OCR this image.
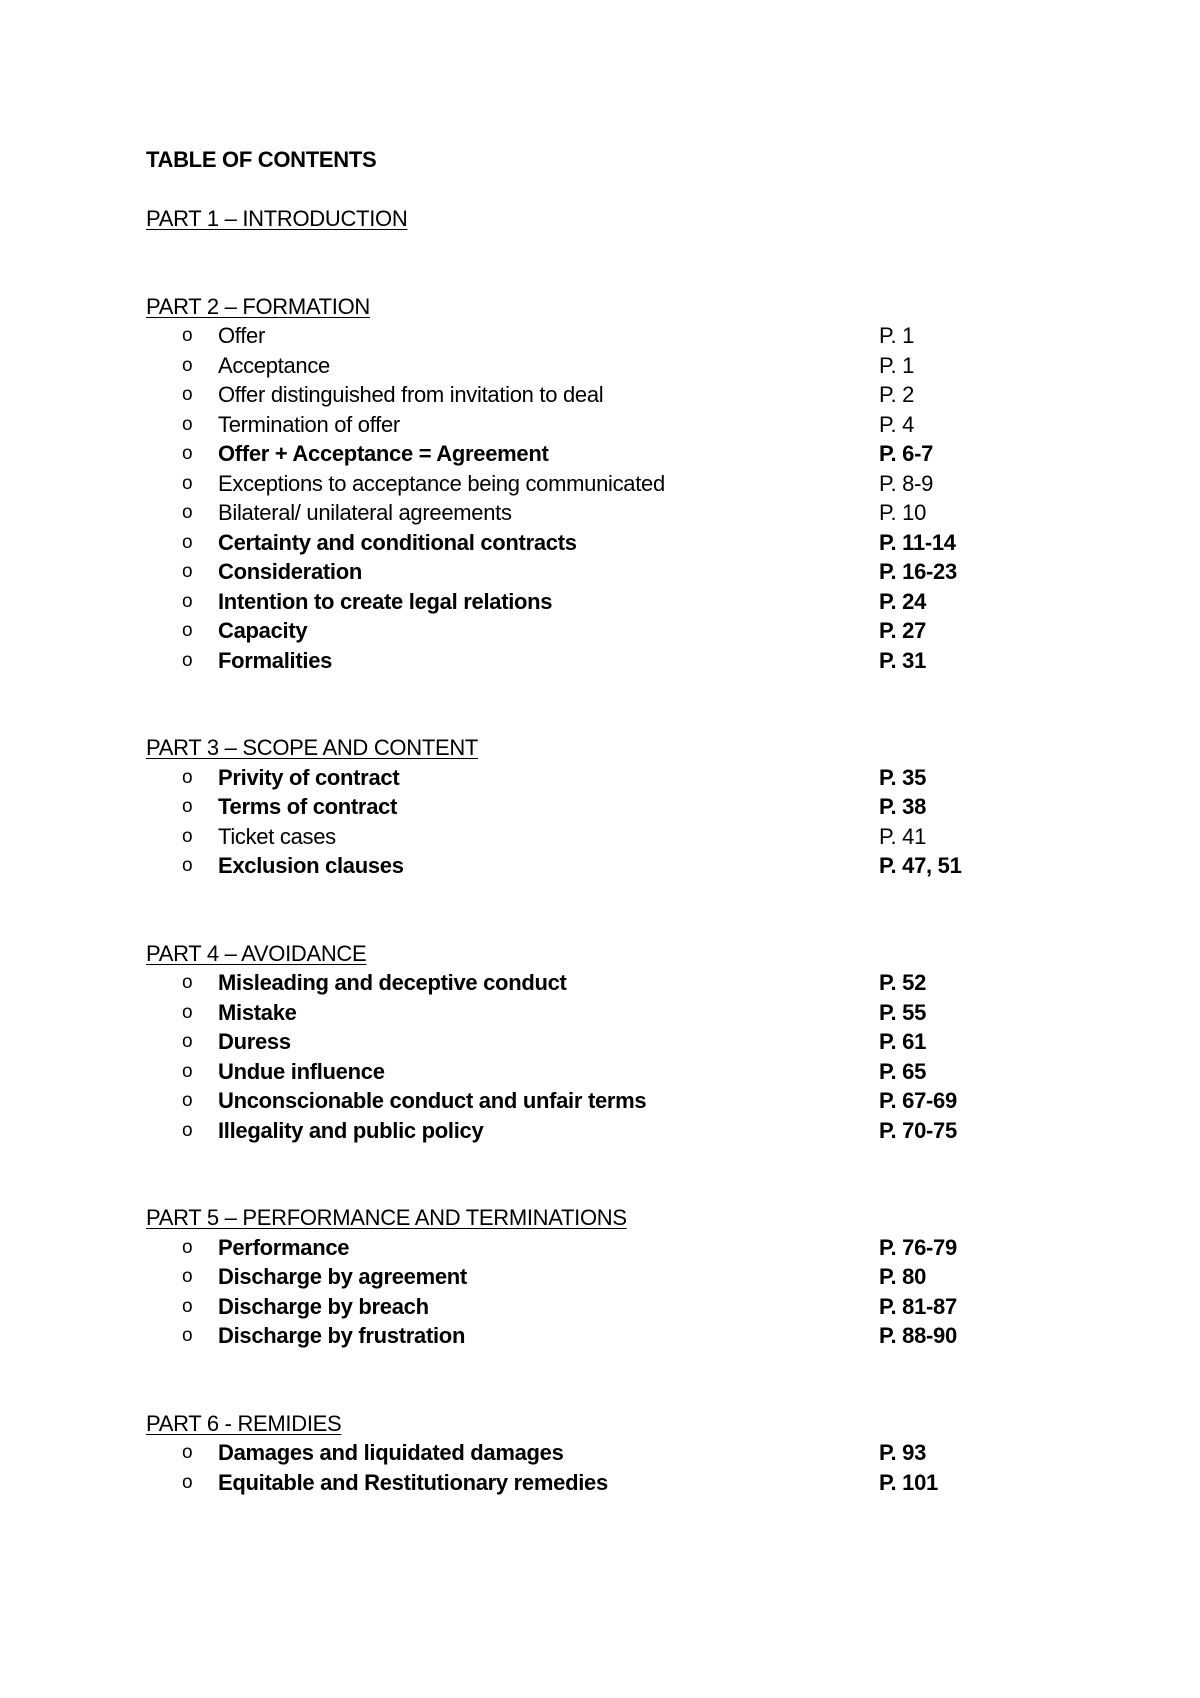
TABLE OF CONTENTS
PART 1 – INTRODUCTION
PART 2 – FORMATION
o Offer	P. 1
o Acceptance	P. 1
o Offer distinguished from invitation to deal	P. 2
o Termination of offer	P. 4
o Offer + Acceptance = Agreement	P. 6-7
o Exceptions to acceptance being communicated	P. 8-9
o Bilateral/ unilateral agreements	P. 10
o Certainty and conditional contracts	P. 11-14
o Consideration	P. 16-23
o Intention to create legal relations	P. 24
o Capacity	P. 27
o Formalities	P. 31
PART 3 – SCOPE AND CONTENT
o Privity of contract	P. 35
o Terms of contract	P. 38
o Ticket cases	P. 41
o Exclusion clauses	P. 47, 51
PART 4 – AVOIDANCE
o Misleading and deceptive conduct	P. 52
o Mistake	P. 55
o Duress	P. 61
o Undue influence	P. 65
o Unconscionable conduct and unfair terms	P. 67-69
o Illegality and public policy	P. 70-75
PART 5 – PERFORMANCE AND TERMINATIONS
o Performance	P. 76-79
o Discharge by agreement	P. 80
o Discharge by breach	P. 81-87
o Discharge by frustration	P. 88-90
PART 6 - REMIDIES
o Damages and liquidated damages	P. 93
o Equitable and Restitutionary remedies	P. 101
